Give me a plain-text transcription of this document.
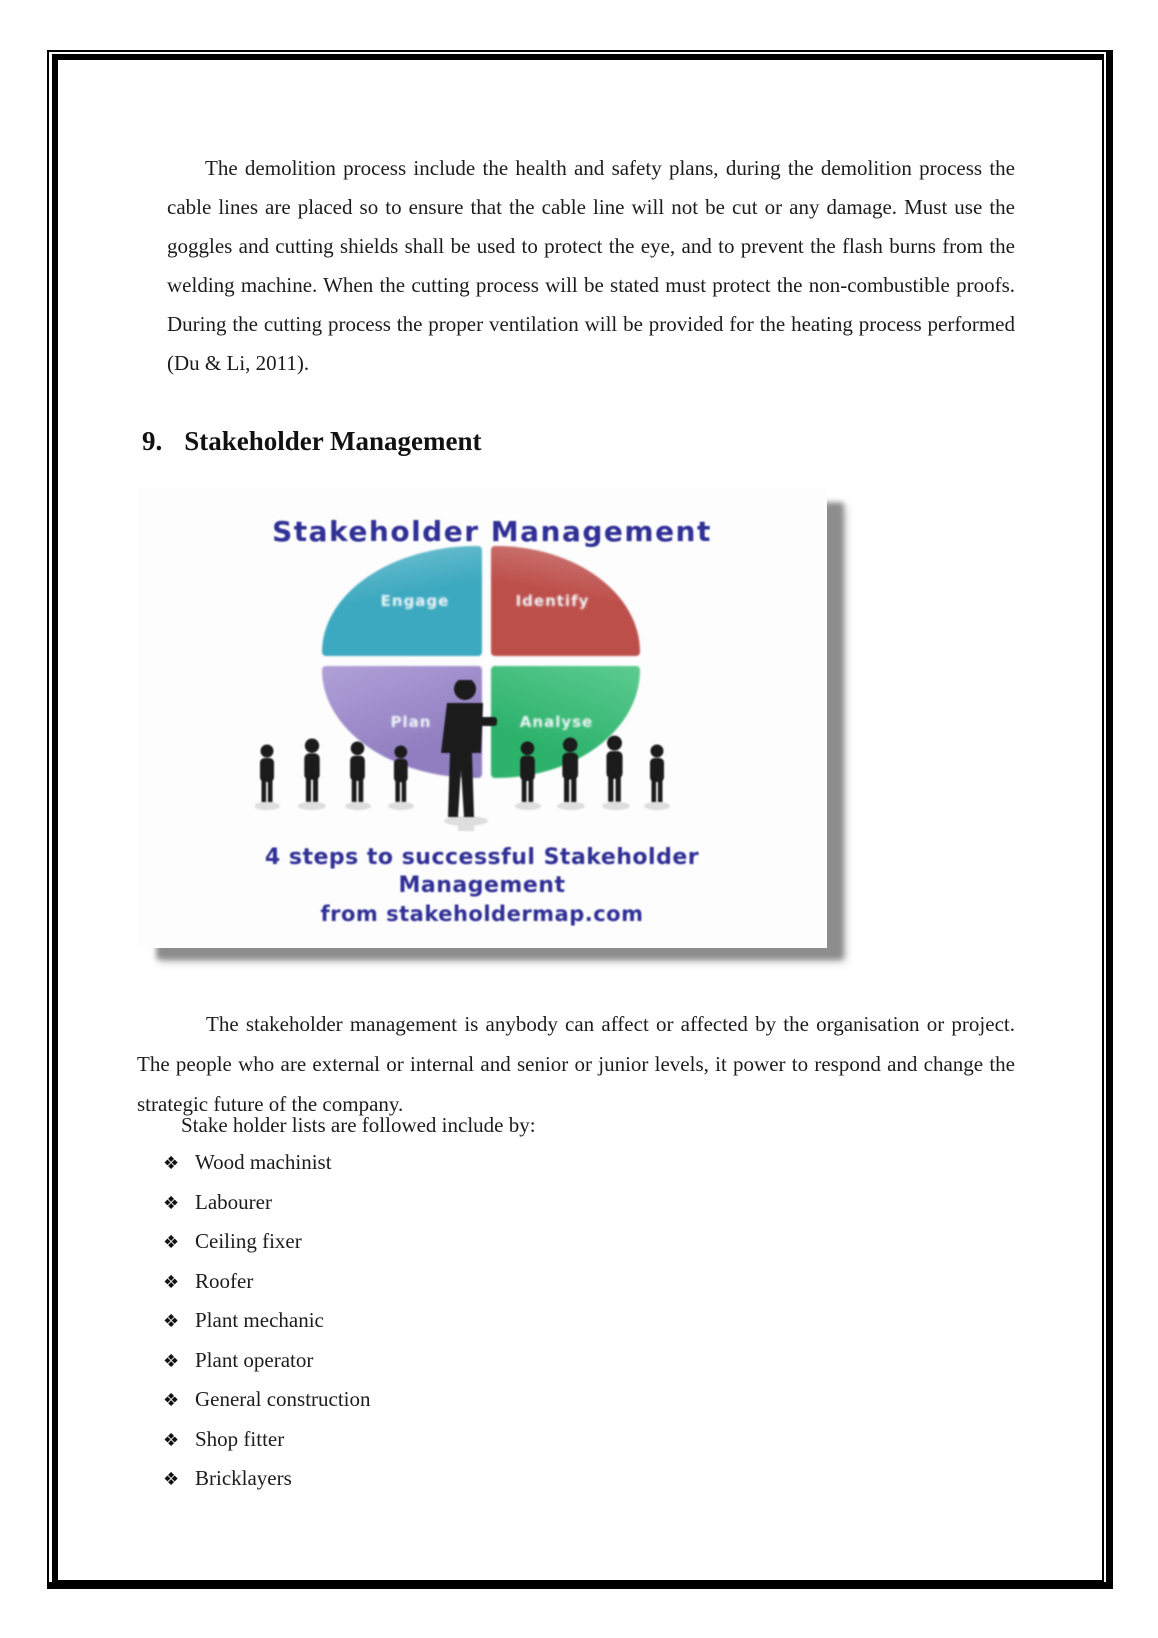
The demolition process include the health and safety plans, during the demolition process the cable lines are placed so to ensure that the cable line will not be cut or any damage. Must use the goggles and cutting shields shall be used to protect the eye, and to prevent the flash burns from the welding machine. When the cutting process will be stated must protect the non-combustible proofs. During the cutting process the proper ventilation will be provided for the heating process performed (Du & Li, 2011).

9. Stakeholder Management
Stakeholder Management
Engage	Identify
Plan	Analyse
4 steps to successful Stakeholder
Management
from stakeholdermap.com

The stakeholder management is anybody can affect or affected by the organisation or project. The people who are external or internal and senior or junior levels, it power to respond and change the strategic future of the company.

Stake holder lists are followed include by:
❖ Wood machinist
❖ Labourer
❖ Ceiling fixer
❖ Roofer
❖ Plant mechanic
❖ Plant operator
❖ General construction
❖ Shop fitter
❖ Bricklayers
